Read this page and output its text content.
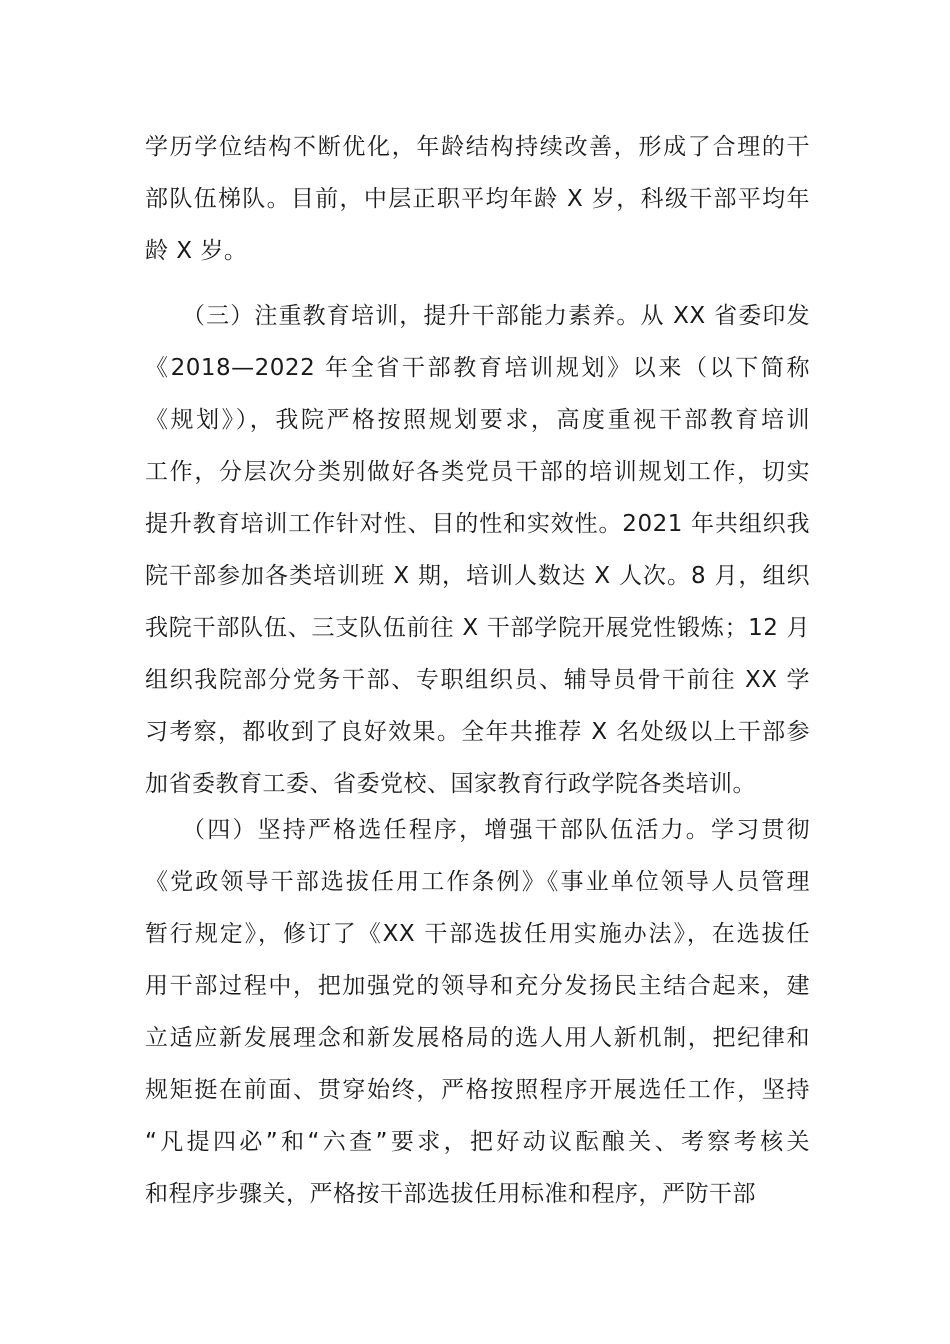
学历学位结构不断优化，年龄结构持续改善，形成了合理的干
部队伍梯队。目前，中层正职平均年龄 X 岁，科级干部平均年
龄 X 岁。
（三）注重教育培训，提升干部能力素养。从 XX 省委印发
《2018—2022 年全省干部教育培训规划》以来（以下简称
《规划》），我院严格按照规划要求，高度重视干部教育培训
工作，分层次分类别做好各类党员干部的培训规划工作，切实
提升教育培训工作针对性、目的性和实效性。2021 年共组织我
院干部参加各类培训班 X 期，培训人数达 X 人次。8 月，组织
我院干部队伍、三支队伍前往 X 干部学院开展党性锻炼；12 月
组织我院部分党务干部、专职组织员、辅导员骨干前往 XX 学
习考察，都收到了良好效果。全年共推荐 X 名处级以上干部参
加省委教育工委、省委党校、国家教育行政学院各类培训。
（四）坚持严格选任程序，增强干部队伍活力。学习贯彻
《党政领导干部选拔任用工作条例》《事业单位领导人员管理
暂行规定》，修订了《XX 干部选拔任用实施办法》，在选拔任
用干部过程中，把加强党的领导和充分发扬民主结合起来，建
立适应新发展理念和新发展格局的选人用人新机制，把纪律和
规矩挺在前面、贯穿始终，严格按照程序开展选任工作，坚持
“凡提四必”和“六查”要求，把好动议酝酿关、考察考核关
和程序步骤关，严格按干部选拔任用标准和程序，严防干部
